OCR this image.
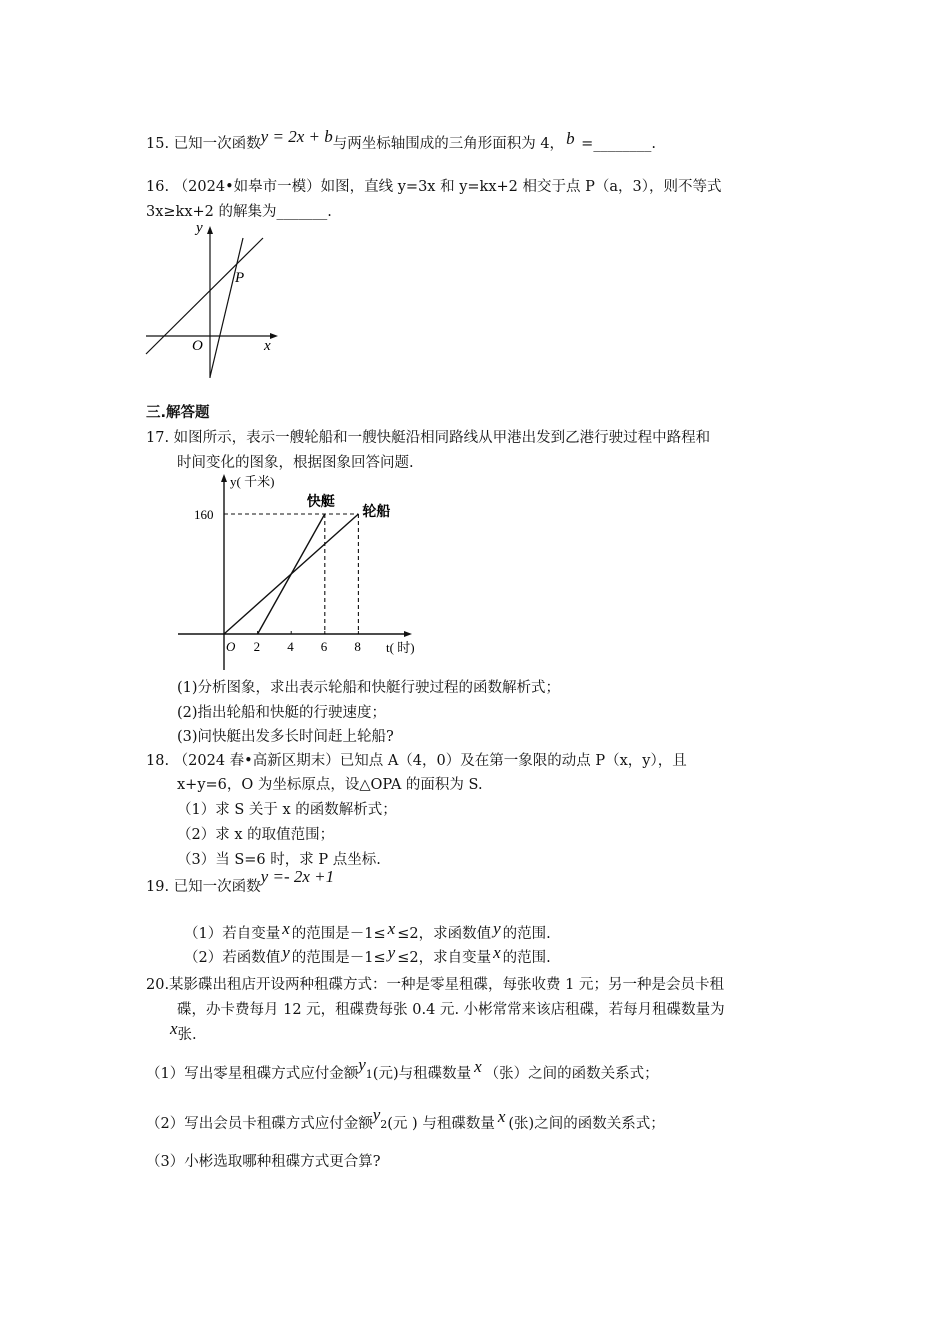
15. 已知一次函数y = 2x + b与两坐标轴围成的三角形面积为 4， b =________.
16. （2024•如皋市一模）如图，直线 y=3x 和 y=kx+2 相交于点 P（a，3），则不等式
3x≥kx+2 的解集为_______.
y
x
O
P
三.解答题
17. 如图所示，表示一艘轮船和一艘快艇沿相同路线从甲港出发到乙港行驶过程中路程和
时间变化的图象，根据图象回答问题.
160
2 4 6 8
快艇
轮船
y( 千米)
t( 时)
O
(1)分析图象，求出表示轮船和快艇行驶过程的函数解析式；
(2)指出轮船和快艇的行驶速度；
(3)问快艇出发多长时间赶上轮船?
18. （2024 春•高新区期末）已知点 A（4，0）及在第一象限的动点 P（x，y），且
x+y=6，O 为坐标原点，设△OPA 的面积为 S.
（1）求 S 关于 x 的函数解析式；
（2）求 x 的取值范围；
（3）当 S=6 时，求 P 点坐标.
19. 已知一次函数y =- 2x +1
（1）若自变量 x 的范围是－1≤ x ≤2，求函数值 y 的范围.
（2）若函数值 y 的范围是－1≤ y ≤2，求自变量 x 的范围.
20.某影碟出租店开设两种租碟方式：一种是零星租碟，每张收费 1 元；另一种是会员卡租
碟，办卡费每月 12 元，租碟费每张 0.4 元. 小彬常常来该店租碟，若每月租碟数量为
x张.
（1）写出零星租碟方式应付金额$y_1$(元)与租碟数量 x （张）之间的函数关系式；
（2）写出会员卡租碟方式应付金额$y_2$(元 ) 与租碟数量 x (张)之间的函数关系式；
（3）小彬选取哪种租碟方式更合算?
